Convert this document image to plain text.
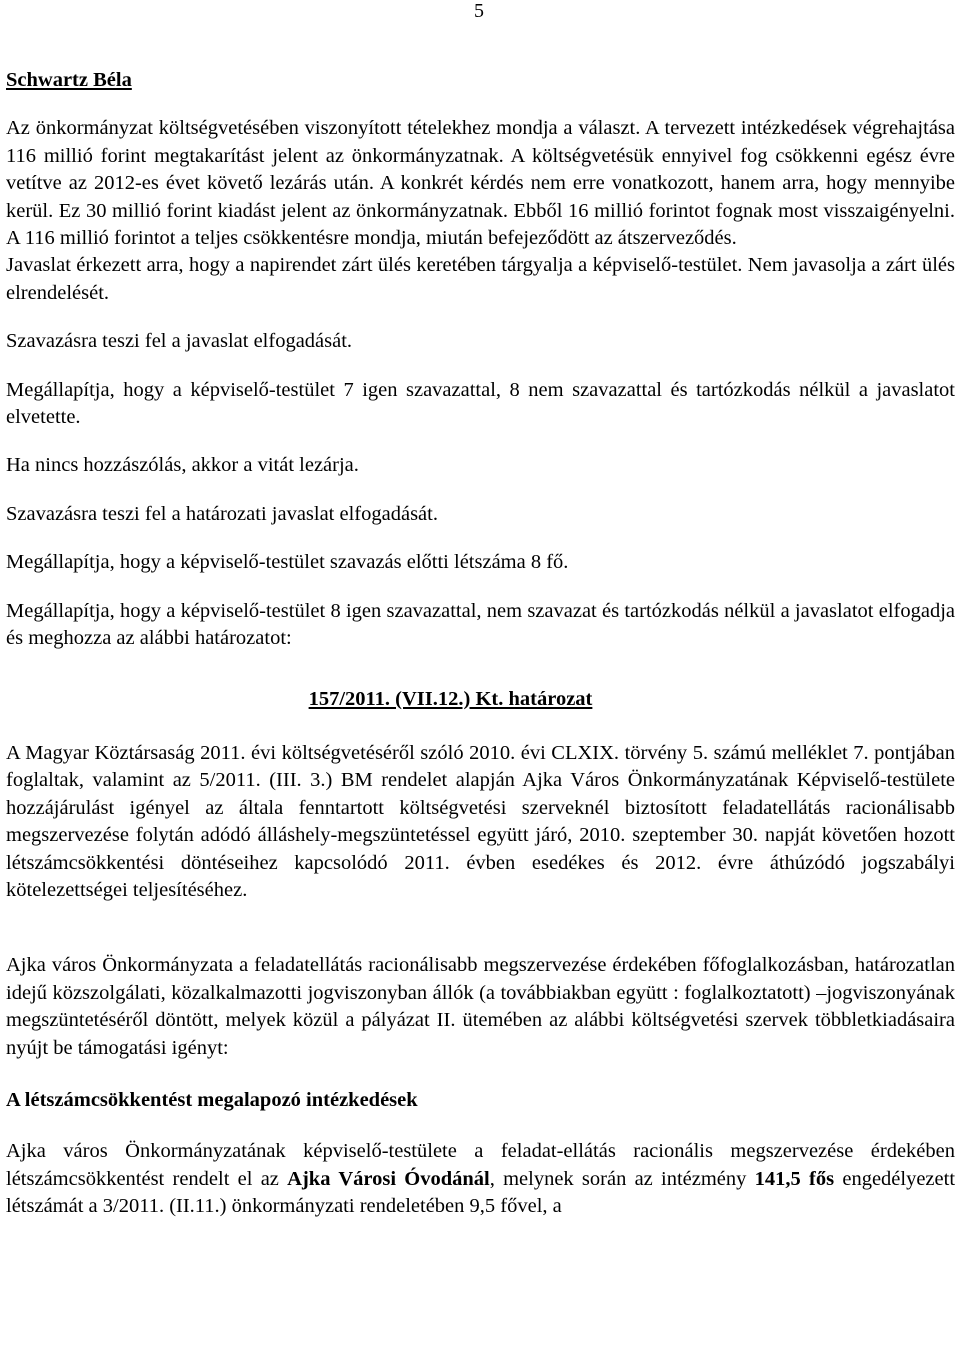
5

Schwartz Béla

Az önkormányzat költségvetésében viszonyított tételekhez mondja a választ. A tervezett intézkedések végrehajtása 116 millió forint megtakarítást jelent az önkormányzatnak. A költségvetésük ennyivel fog csökkenni egész évre vetítve az 2012-es évet követő lezárás után. A konkrét kérdés nem erre vonatkozott, hanem arra, hogy mennyibe kerül. Ez 30 millió forint kiadást jelent az önkormányzatnak. Ebből 16 millió forintot fognak most visszaigényelni. A 116 millió forintot a teljes csökkentésre mondja, miután befejeződött az átszerveződés.

Javaslat érkezett arra, hogy a napirendet zárt ülés keretében tárgyalja a képviselő-testület. Nem javasolja a zárt ülés elrendelését.

Szavazásra teszi fel a javaslat elfogadását.

Megállapítja, hogy a képviselő-testület 7 igen szavazattal, 8 nem szavazattal és tartózkodás nélkül a javaslatot elvetette.

Ha nincs hozzászólás, akkor a vitát lezárja.

Szavazásra teszi fel a határozati javaslat elfogadását.

Megállapítja, hogy a képviselő-testület szavazás előtti létszáma 8 fő.

Megállapítja, hogy a képviselő-testület 8 igen szavazattal, nem szavazat és tartózkodás nélkül a javaslatot elfogadja és meghozza az alábbi határozatot:

157/2011. (VII.12.) Kt. határozat

A Magyar Köztársaság 2011. évi költségvetéséről szóló 2010. évi CLXIX. törvény 5. számú melléklet 7. pontjában foglaltak, valamint az 5/2011. (III. 3.) BM rendelet alapján Ajka Város Önkormányzatának Képviselő-testülete hozzájárulást igényel az általa fenntartott költségvetési szerveknél biztosított feladatellátás racionálisabb megszervezése folytán adódó álláshely-megszüntetéssel együtt járó, 2010. szeptember 30. napját követően hozott létszámcsökkentési döntéseihez kapcsolódó 2011. évben esedékes és 2012. évre áthúzódó jogszabályi kötelezettségei teljesítéséhez.

Ajka város Önkormányzata a feladatellátás racionálisabb megszervezése érdekében főfoglalkozásban, határozatlan idejű közszolgálati, közalkalmazotti jogviszonyban állók (a továbbiakban együtt : foglalkoztatott) –jogviszonyának megszüntetéséről döntött, melyek közül a pályázat II. ütemében az alábbi költségvetési szervek többletkiadásaira nyújt be támogatási igényt:

A létszámcsökkentést megalapozó intézkedések

Ajka város Önkormányzatának képviselő-testülete a feladat-ellátás racionális megszervezése érdekében létszámcsökkentést rendelt el az Ajka Városi Óvodánál, melynek során az intézmény 141,5 fős engedélyezett létszámát a 3/2011. (II.11.) önkormányzati rendeletében 9,5 fővel, a
